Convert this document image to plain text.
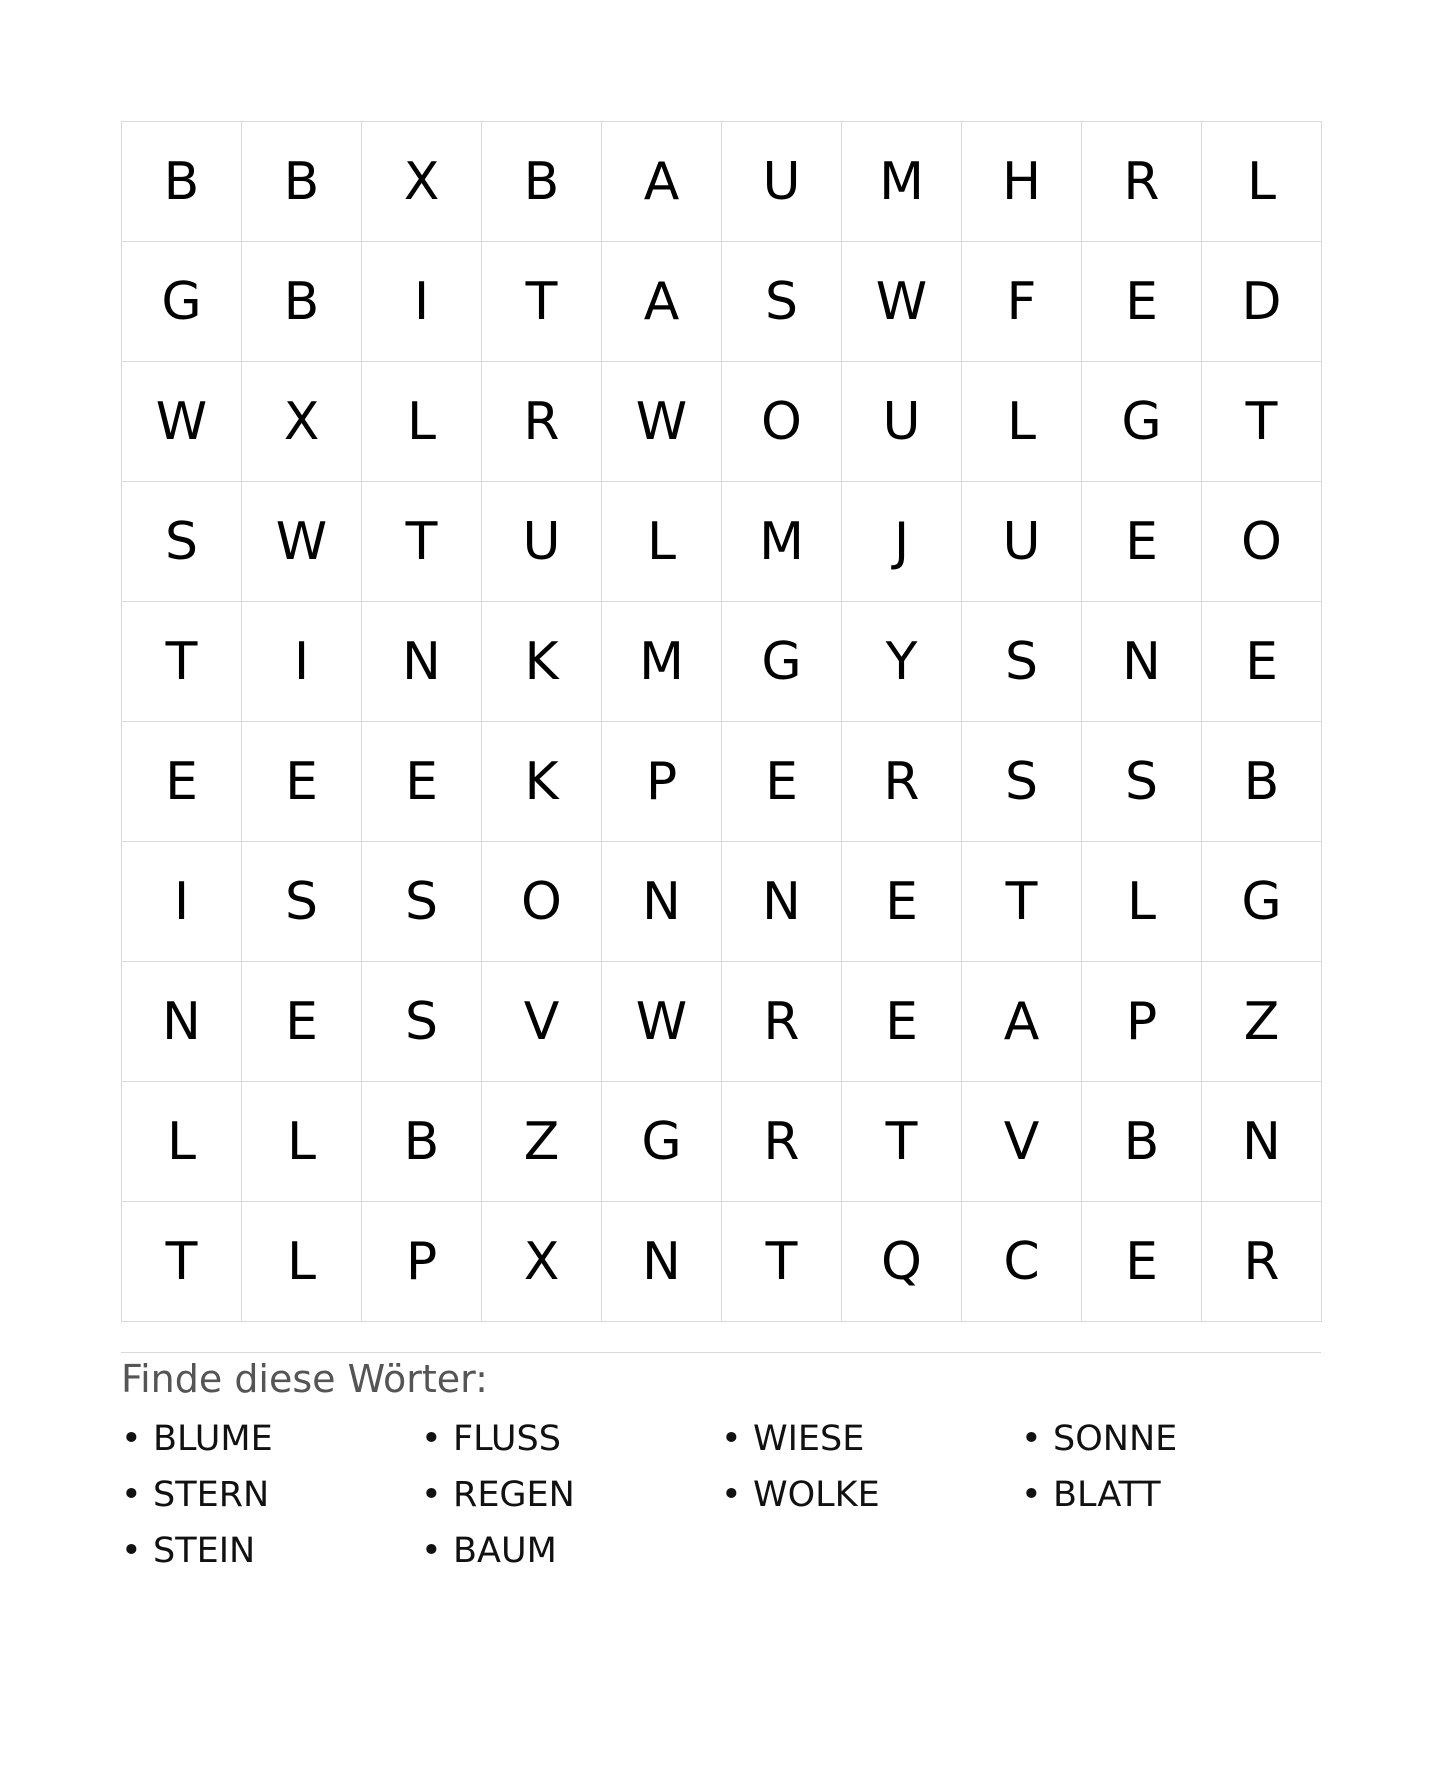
B	B	X	B	A	U	M	H	R	L
G	B	I	T	A	S	W	F	E	D
W	X	L	R	W	O	U	L	G	T
S	W	T	U	L	M	J	U	E	O
T	I	N	K	M	G	Y	S	N	E
E	E	E	K	P	E	R	S	S	B
I	S	S	O	N	N	E	T	L	G
N	E	S	V	W	R	E	A	P	Z
L	L	B	Z	G	R	T	V	B	N
T	L	P	X	N	T	Q	C	E	R
Finde diese Wörter:
• BLUME	• FLUSS	• WIESE	• SONNE
• STERN	• REGEN	• WOLKE	• BLATT
• STEIN	• BAUM
